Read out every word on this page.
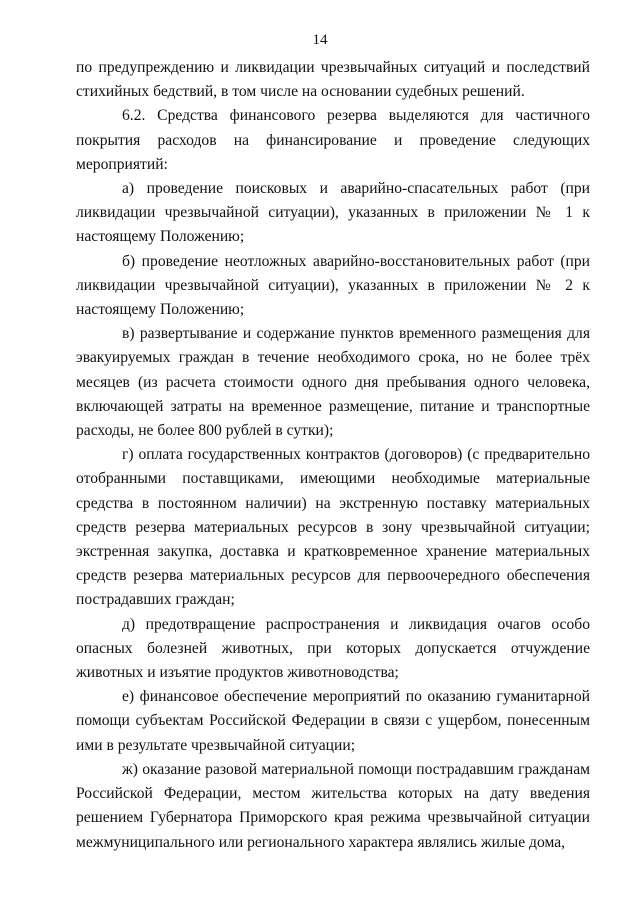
14

по предупреждению и ликвидации чрезвычайных ситуаций и последствий стихийных бедствий, в том числе на основании судебных решений.

6.2. Средства финансового резерва выделяются для частичного покрытия расходов на финансирование и проведение следующих мероприятий:

а) проведение поисковых и аварийно-спасательных работ (при ликвидации чрезвычайной ситуации), указанных в приложении № 1 к настоящему Положению;

б) проведение неотложных аварийно-восстановительных работ (при ликвидации чрезвычайной ситуации), указанных в приложении № 2 к настоящему Положению;

в) развертывание и содержание пунктов временного размещения для эвакуируемых граждан в течение необходимого срока, но не более трёх месяцев (из расчета стоимости одного дня пребывания одного человека, включающей затраты на временное размещение, питание и транспортные расходы, не более 800 рублей в сутки);

г) оплата государственных контрактов (договоров) (с предварительно отобранными поставщиками, имеющими необходимые материальные средства в постоянном наличии) на экстренную поставку материальных средств резерва материальных ресурсов в зону чрезвычайной ситуации; экстренная закупка, доставка и кратковременное хранение материальных средств резерва материальных ресурсов для первоочередного обеспечения пострадавших граждан;

д) предотвращение распространения и ликвидация очагов особо опасных болезней животных, при которых допускается отчуждение животных и изъятие продуктов животноводства;

е) финансовое обеспечение мероприятий по оказанию гуманитарной помощи субъектам Российской Федерации в связи с ущербом, понесенным ими в результате чрезвычайной ситуации;

ж) оказание разовой материальной помощи пострадавшим гражданам Российской Федерации, местом жительства которых на дату введения решением Губернатора Приморского края режима чрезвычайной ситуации межмуниципального или регионального характера являлись жилые дома,
